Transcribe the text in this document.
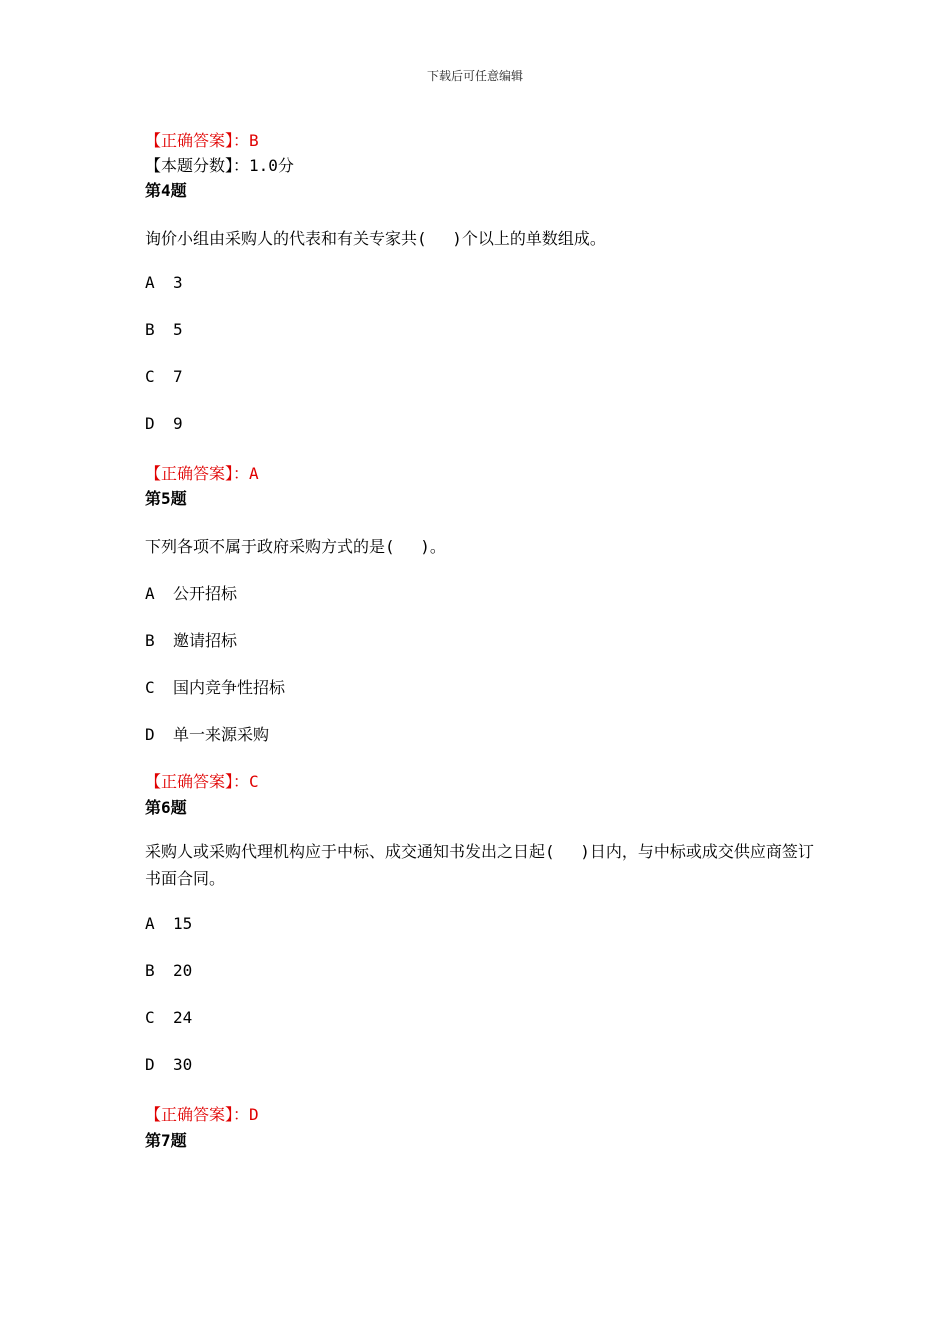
下载后可任意编辑
【正确答案】：B
【本题分数】：1.0分
第4题
询价小组由采购人的代表和有关专家共(　 )个以上的单数组成。
A 3
B 5
C 7
D 9
【正确答案】：A
第5题
下列各项不属于政府采购方式的是(　 )。
A 公开招标
B 邀请招标
C 国内竞争性招标
D 单一来源采购
【正确答案】：C
第6题
采购人或采购代理机构应于中标、成交通知书发出之日起(　 )日内，与中标或成交供应商签订书面合同。
A 15
B 20
C 24
D 30
【正确答案】：D
第7题
